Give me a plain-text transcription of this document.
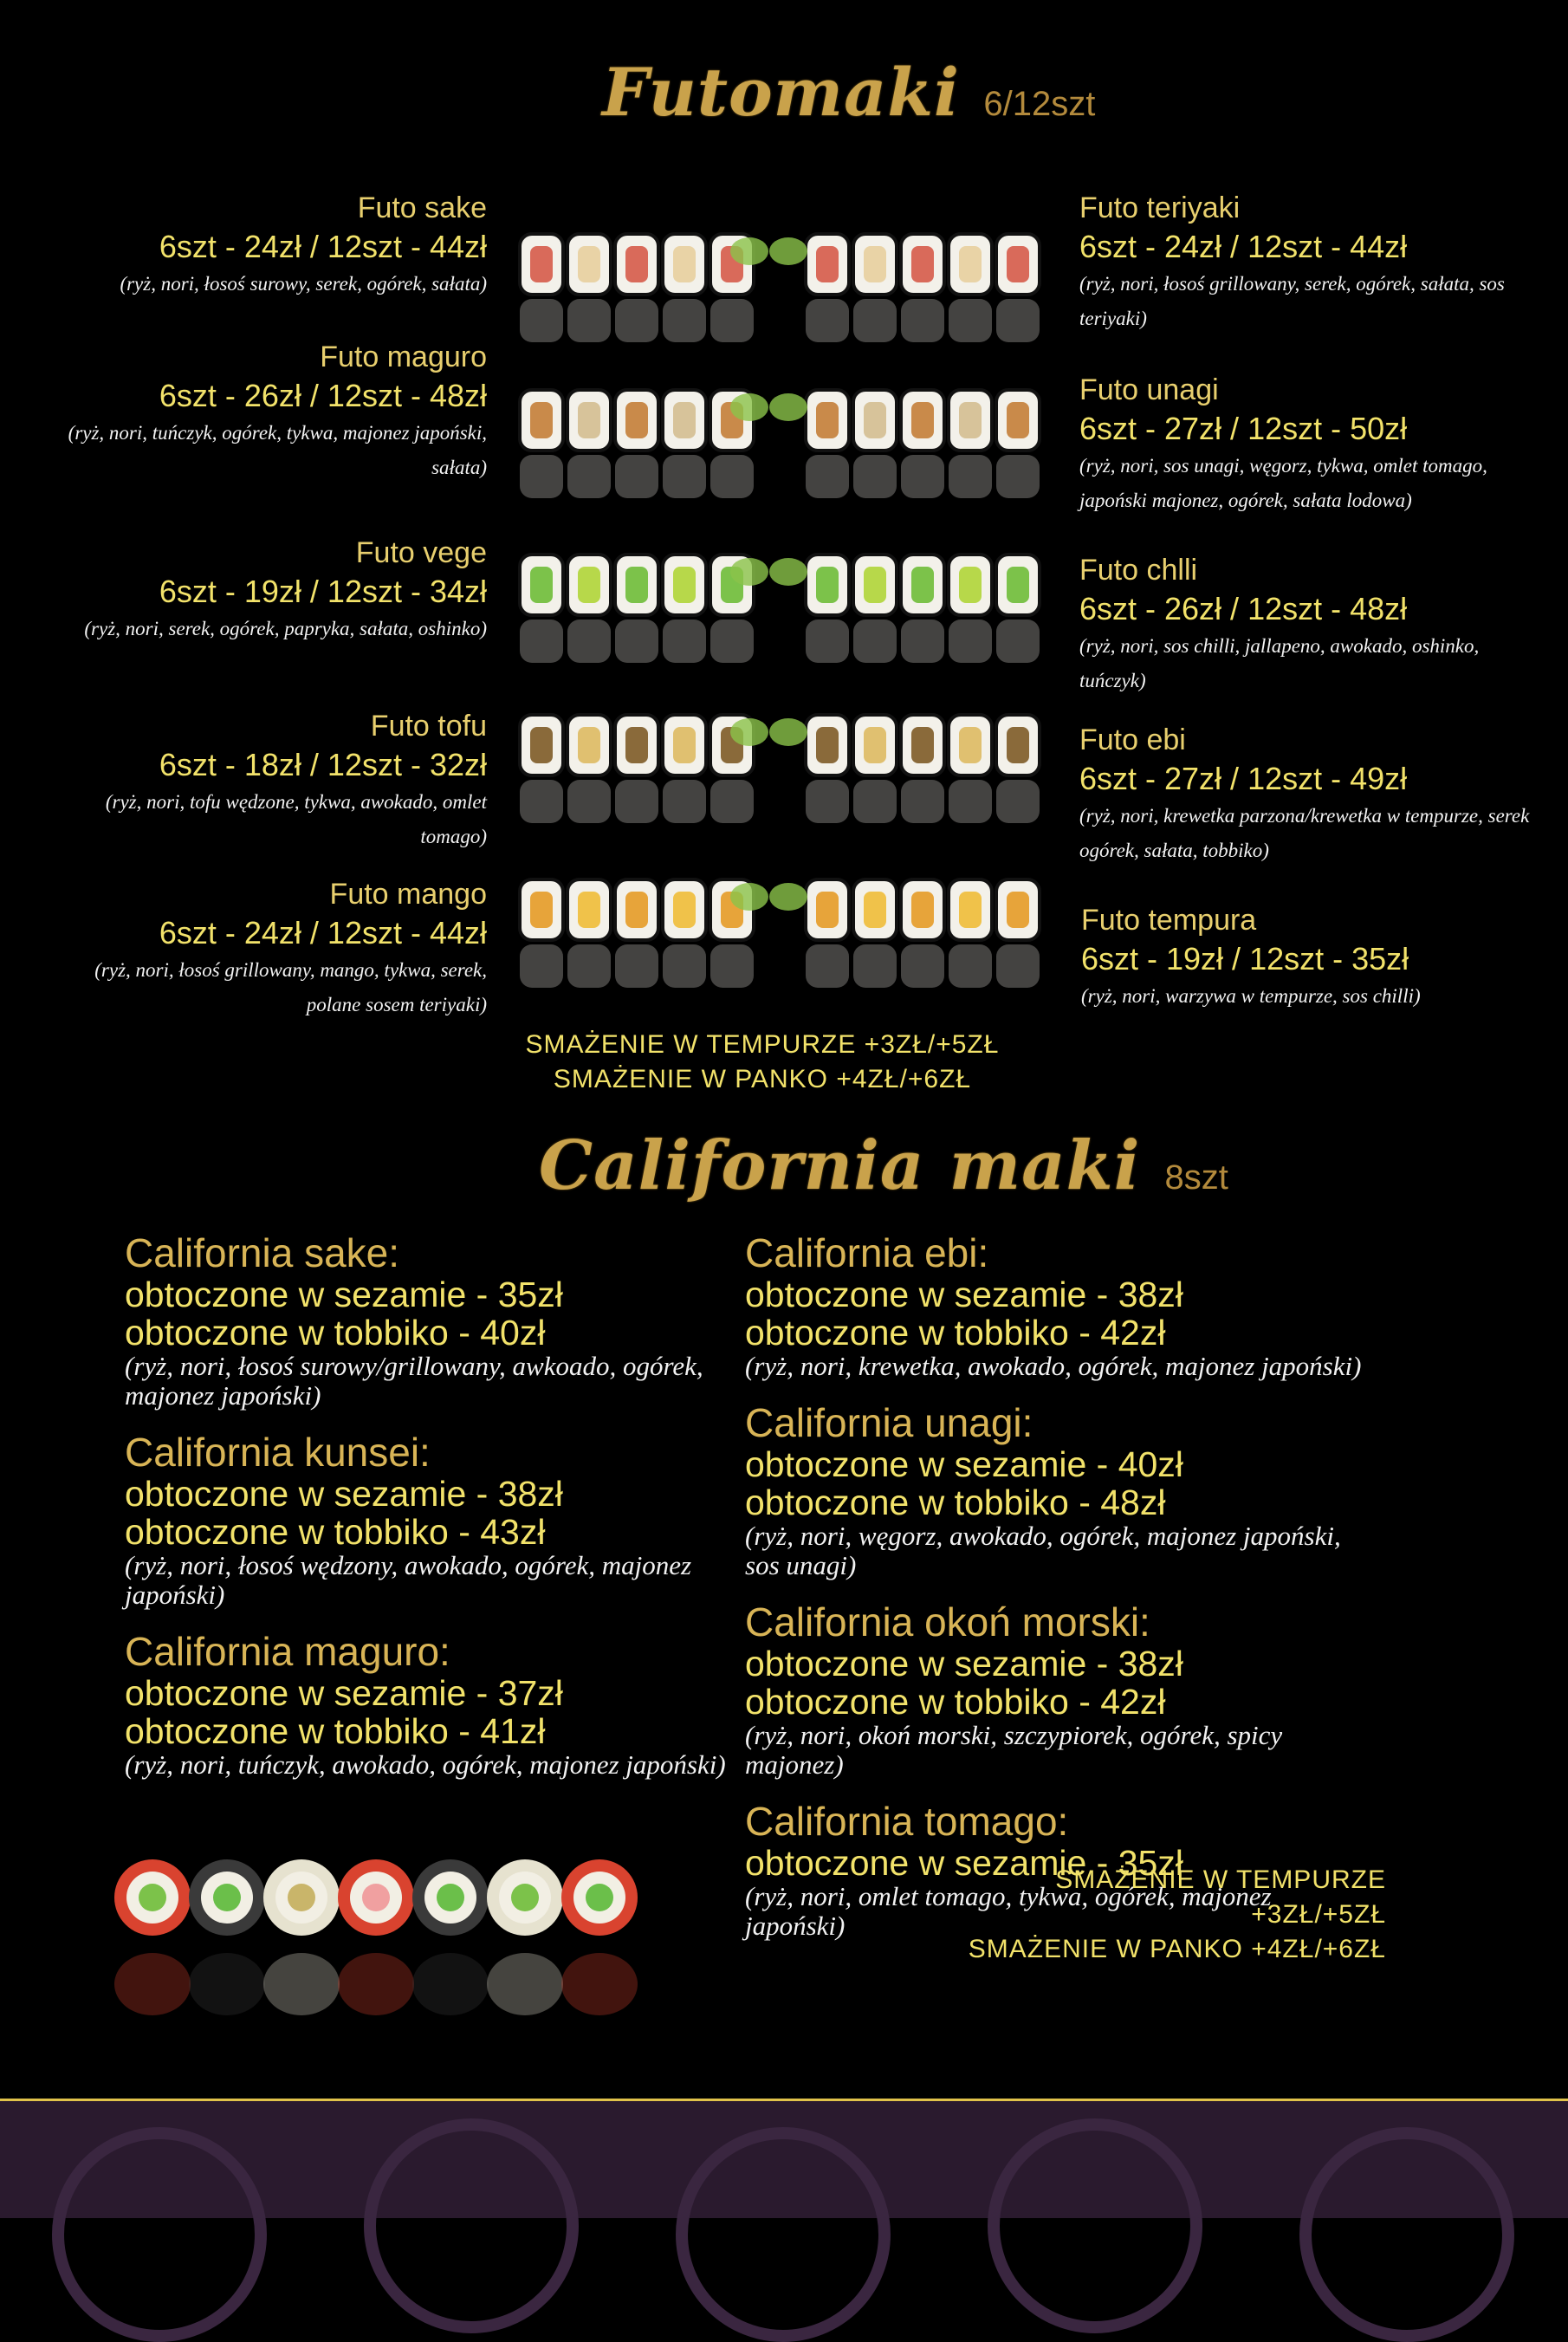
Futomaki 6/12szt
Futo sake
6szt - 24zł / 12szt - 44zł
(ryż, nori, łosoś surowy, serek, ogórek, sałata)
Futo maguro
6szt - 26zł / 12szt - 48zł
(ryż, nori, tuńczyk, ogórek, tykwa, majonez japoński, sałata)
Futo vege
6szt - 19zł / 12szt - 34zł
(ryż, nori, serek, ogórek, papryka, sałata, oshinko)
Futo tofu
6szt - 18zł / 12szt - 32zł
(ryż, nori, tofu wędzone, tykwa, awokado, omlet tomago)
Futo mango
6szt - 24zł / 12szt - 44zł
(ryż, nori, łosoś grillowany, mango, tykwa, serek, polane sosem teriyaki)
Futo teriyaki
6szt - 24zł / 12szt - 44zł
(ryż, nori, łosoś grillowany, serek, ogórek, sałata, sos teriyaki)
Futo unagi
6szt - 27zł / 12szt - 50zł
(ryż, nori, sos unagi, węgorz, tykwa, omlet tomago, japoński majonez, ogórek, sałata lodowa)
Futo chlli
6szt - 26zł / 12szt - 48zł
(ryż, nori, sos chilli, jallapeno, awokado, oshinko, tuńczyk)
Futo ebi
6szt - 27zł / 12szt - 49zł
(ryż, nori, krewetka parzona/krewetka w tempurze, serek ogórek, sałata, tobbiko)
Futo tempura
6szt - 19zł / 12szt - 35zł
(ryż, nori, warzywa w tempurze, sos chilli)
SMAŻENIE W TEMPURZE +3ZŁ/+5ZŁ
SMAŻENIE W PANKO +4ZŁ/+6ZŁ
California maki 8szt
California sake:
obtoczone w sezamie - 35zł
obtoczone w tobbiko - 40zł
(ryż, nori, łosoś surowy/grillowany, awkoado, ogórek, majonez japoński)
California kunsei:
obtoczone w sezamie - 38zł
obtoczone w tobbiko - 43zł
(ryż, nori, łosoś wędzony, awokado, ogórek, majonez japoński)
California maguro:
obtoczone w sezamie - 37zł
obtoczone w tobbiko - 41zł
(ryż, nori, tuńczyk, awokado, ogórek, majonez japoński)
California ebi:
obtoczone w sezamie - 38zł
obtoczone w tobbiko - 42zł
(ryż, nori, krewetka, awokado, ogórek, majonez japoński)
California unagi:
obtoczone w sezamie - 40zł
obtoczone w tobbiko - 48zł
(ryż, nori, węgorz, awokado, ogórek, majonez japoński, sos unagi)
California okoń morski:
obtoczone w sezamie - 38zł
obtoczone w tobbiko - 42zł
(ryż, nori, okoń morski, szczypiorek, ogórek, spicy majonez)
California tomago:
obtoczone w sezamie - 35zł
(ryż, nori, omlet tomago, tykwa, ogórek, majonez japoński)
SMAŻENIE W TEMPURZE +3ZŁ/+5ZŁ
SMAŻENIE W PANKO +4ZŁ/+6ZŁ
